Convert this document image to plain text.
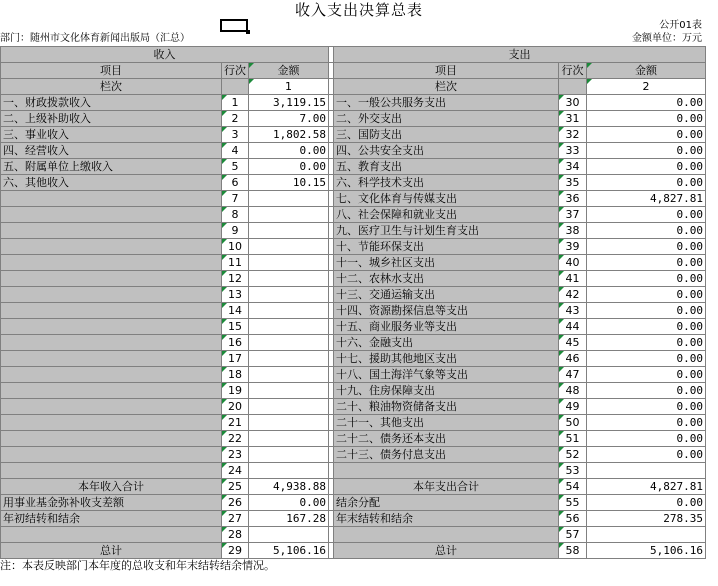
收入支出决算总表
公开01表
部门：随州市文化体育新闻出版局（汇总）	金额单位：万元
收入				支出		
项目	行次	金额		项目	行次	金额
栏次		1		栏次		2
一、财政拨款收入	1	3,119.15		一、一般公共服务支出	30	0.00
二、上级补助收入	2	7.00		二、外交支出	31	0.00
三、事业收入	3	1,802.58		三、国防支出	32	0.00
四、经营收入	4	0.00		四、公共安全支出	33	0.00
五、附属单位上缴收入	5	0.00		五、教育支出	34	0.00
六、其他收入	6	10.15		六、科学技术支出	35	0.00
	7			七、文化体育与传媒支出	36	4,827.81
	8			八、社会保障和就业支出	37	0.00
	9			九、医疗卫生与计划生育支出	38	0.00
	10			十、节能环保支出	39	0.00
	11			十一、城乡社区支出	40	0.00
	12			十二、农林水支出	41	0.00
	13			十三、交通运输支出	42	0.00
	14			十四、资源勘探信息等支出	43	0.00
	15			十五、商业服务业等支出	44	0.00
	16			十六、金融支出	45	0.00
	17			十七、援助其他地区支出	46	0.00
	18			十八、国土海洋气象等支出	47	0.00
	19			十九、住房保障支出	48	0.00
	20			二十、粮油物资储备支出	49	0.00
	21			二十一、其他支出	50	0.00
	22			二十二、债务还本支出	51	0.00
	23			二十三、债务付息支出	52	0.00
	24				53	
本年收入合计	25	4,938.88		本年支出合计	54	4,827.81
用事业基金弥补收支差额	26	0.00		结余分配	55	0.00
年初结转和结余	27	167.28		年末结转和结余	56	278.35
	28				57	
总计	29	5,106.16		总计	58	5,106.16
注：本表反映部门本年度的总收支和年末结转结余情况。
